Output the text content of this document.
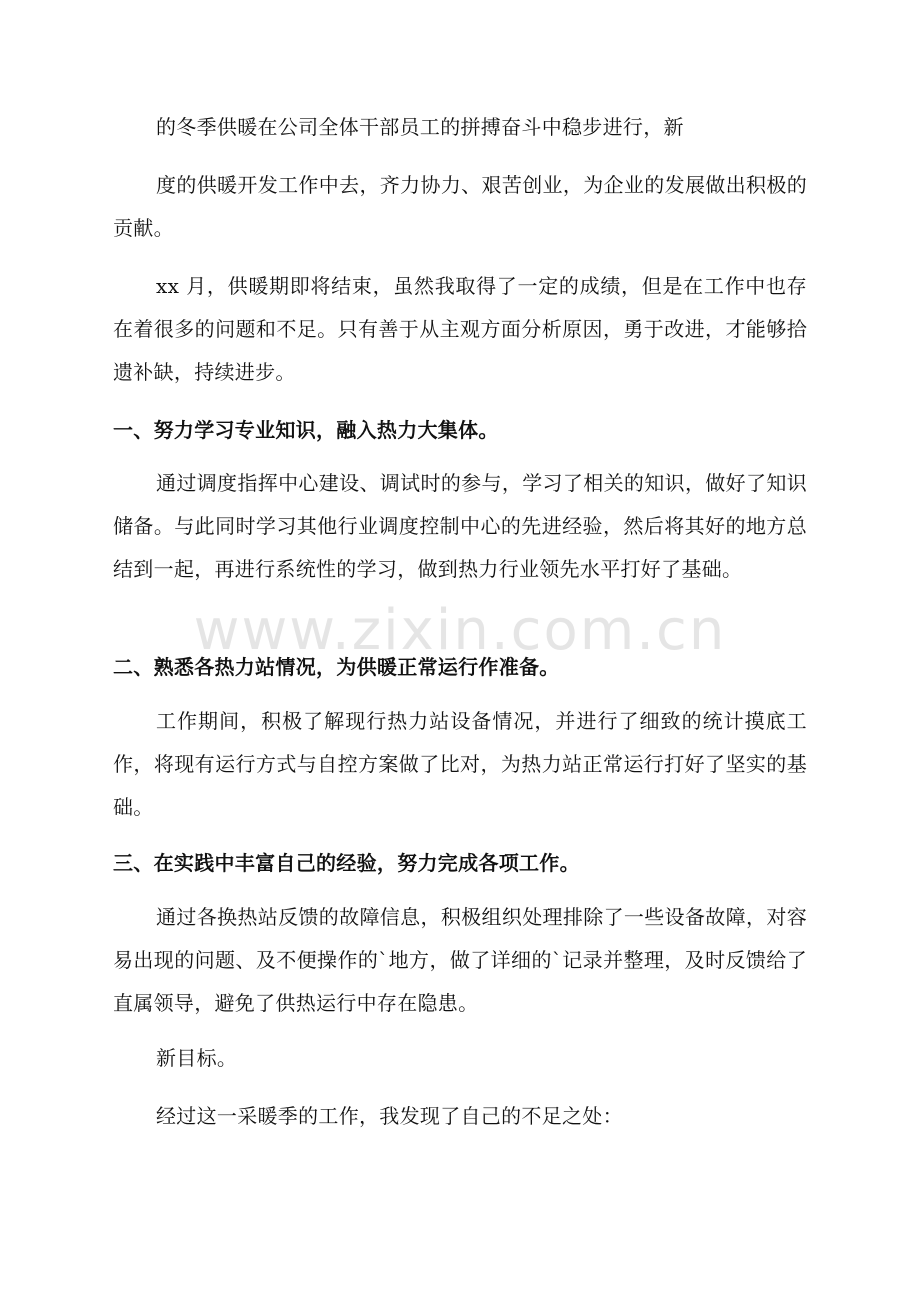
的冬季供暖在公司全体干部员工的拼搏奋斗中稳步进行，新

度的供暖开发工作中去，齐力协力、艰苦创业，为企业的发展做出积极的贡献。

xx 月，供暖期即将结束，虽然我取得了一定的成绩，但是在工作中也存在着很多的问题和不足。只有善于从主观方面分析原因，勇于改进，才能够拾遗补缺，持续进步。

一、努力学习专业知识，融入热力大集体。

通过调度指挥中心建设、调试时的参与，学习了相关的知识，做好了知识储备。与此同时学习其他行业调度控制中心的先进经验，然后将其好的地方总结到一起，再进行系统性的学习，做到热力行业领先水平打好了基础。

二、熟悉各热力站情况，为供暖正常运行作准备。

工作期间，积极了解现行热力站设备情况，并进行了细致的统计摸底工作，将现有运行方式与自控方案做了比对，为热力站正常运行打好了坚实的基础。

三、在实践中丰富自己的经验，努力完成各项工作。

通过各换热站反馈的故障信息，积极组织处理排除了一些设备故障，对容易出现的问题、及不便操作的`地方，做了详细的`记录并整理，及时反馈给了直属领导，避免了供热运行中存在隐患。

新目标。

经过这一采暖季的工作，我发现了自己的不足之处：

www.zixin.com.cn
